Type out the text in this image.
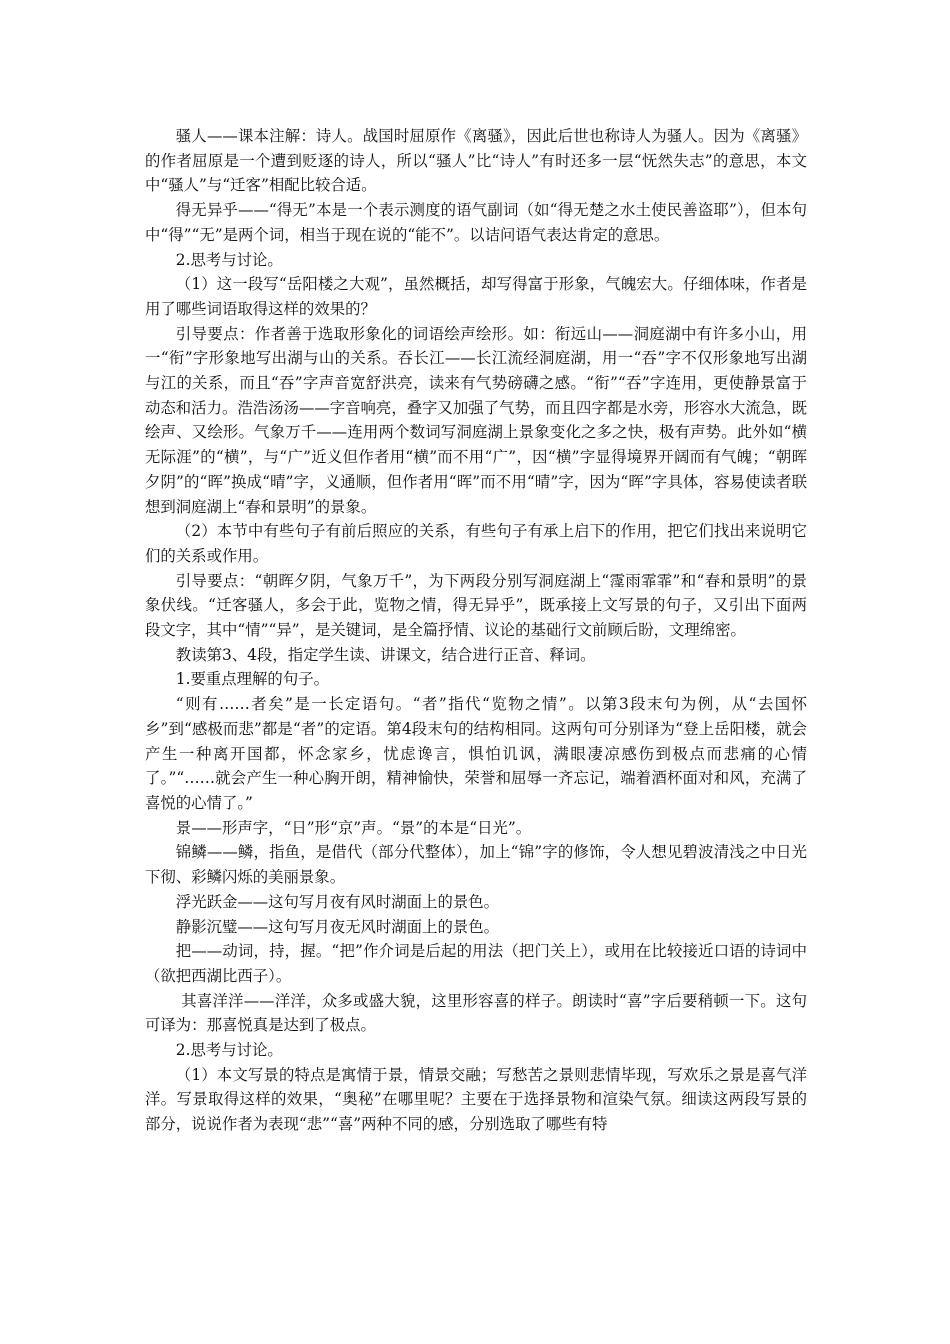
骚人——课本注解：诗人。战国时屈原作《离骚》，因此后世也称诗人为骚人。因为《离骚》的作者屈原是一个遭到贬逐的诗人，所以“骚人”比“诗人”有时还多一层“怃然失志”的意思，本文中“骚人”与“迁客”相配比较合适。

得无异乎——“得无”本是一个表示测度的语气副词（如“得无楚之水土使民善盗耶”），但本句中“得”“无”是两个词，相当于现在说的“能不”。以诘问语气表达肯定的意思。

2.思考与讨论。

（1）这一段写“岳阳楼之大观”，虽然概括，却写得富于形象，气魄宏大。仔细体味，作者是用了哪些词语取得这样的效果的？

引导要点：作者善于选取形象化的词语绘声绘形。如：衔远山——洞庭湖中有许多小山，用一“衔”字形象地写出湖与山的关系。吞长江——长江流经洞庭湖，用一“吞”字不仅形象地写出湖与江的关系，而且“吞”字声音宽舒洪亮，读来有气势磅礴之感。“衔”“吞”字连用，更使静景富于动态和活力。浩浩汤汤——字音响亮，叠字又加强了气势，而且四字都是水旁，形容水大流急，既绘声、又绘形。气象万千——连用两个数词写洞庭湖上景象变化之多之快，极有声势。此外如“横无际涯”的“横”，与“广”近义但作者用“横”而不用“广”，因“横”字显得境界开阔而有气魄；“朝晖夕阴”的“晖”换成“晴”字，义通顺，但作者用“晖”而不用“晴”字，因为“晖”字具体，容易使读者联想到洞庭湖上“春和景明”的景象。

（2）本节中有些句子有前后照应的关系，有些句子有承上启下的作用，把它们找出来说明它们的关系或作用。

引导要点：“朝晖夕阴，气象万千”，为下两段分别写洞庭湖上“霪雨霏霏”和“春和景明”的景象伏线。“迁客骚人，多会于此，览物之情，得无异乎”，既承接上文写景的句子，又引出下面两段文字，其中“情”“异”，是关键词，是全篇抒情、议论的基础行文前顾后盼，文理绵密。

教读第3、4段，指定学生读、讲课文，结合进行正音、释词。

1.要重点理解的句子。

“则有……者矣”是一长定语句。“者”指代“览物之情”。以第3段末句为例，从“去国怀乡”到“感极而悲”都是“者”的定语。第4段末句的结构相同。这两句可分别译为“登上岳阳楼，就会产生一种离开国都，怀念家乡，忧虑谗言，惧怕讥讽，满眼凄凉感伤到极点而悲痛的心情了。”“……就会产生一种心胸开朗，精神愉快，荣誉和屈辱一齐忘记，端着酒杯面对和风，充满了喜悦的心情了。”

景——形声字，“日”形“京”声。“景”的本是“日光”。

锦鳞——鳞，指鱼，是借代（部分代整体），加上“锦”字的修饰，令人想见碧波清浅之中日光下彻、彩鳞闪烁的美丽景象。

浮光跃金——这句写月夜有风时湖面上的景色。

静影沉璧——这句写月夜无风时湖面上的景色。

把——动词，持，握。“把”作介词是后起的用法（把门关上），或用在比较接近口语的诗词中（欲把西湖比西子）。

其喜洋洋——洋洋，众多或盛大貌，这里形容喜的样子。朗读时“喜”字后要稍顿一下。这句可译为：那喜悦真是达到了极点。

2.思考与讨论。

（1）本文写景的特点是寓情于景，情景交融；写愁苦之景则悲情毕现，写欢乐之景是喜气洋洋。写景取得这样的效果，“奥秘”在哪里呢？主要在于选择景物和渲染气氛。细读这两段写景的部分，说说作者为表现“悲”“喜”两种不同的感，分别选取了哪些有特
